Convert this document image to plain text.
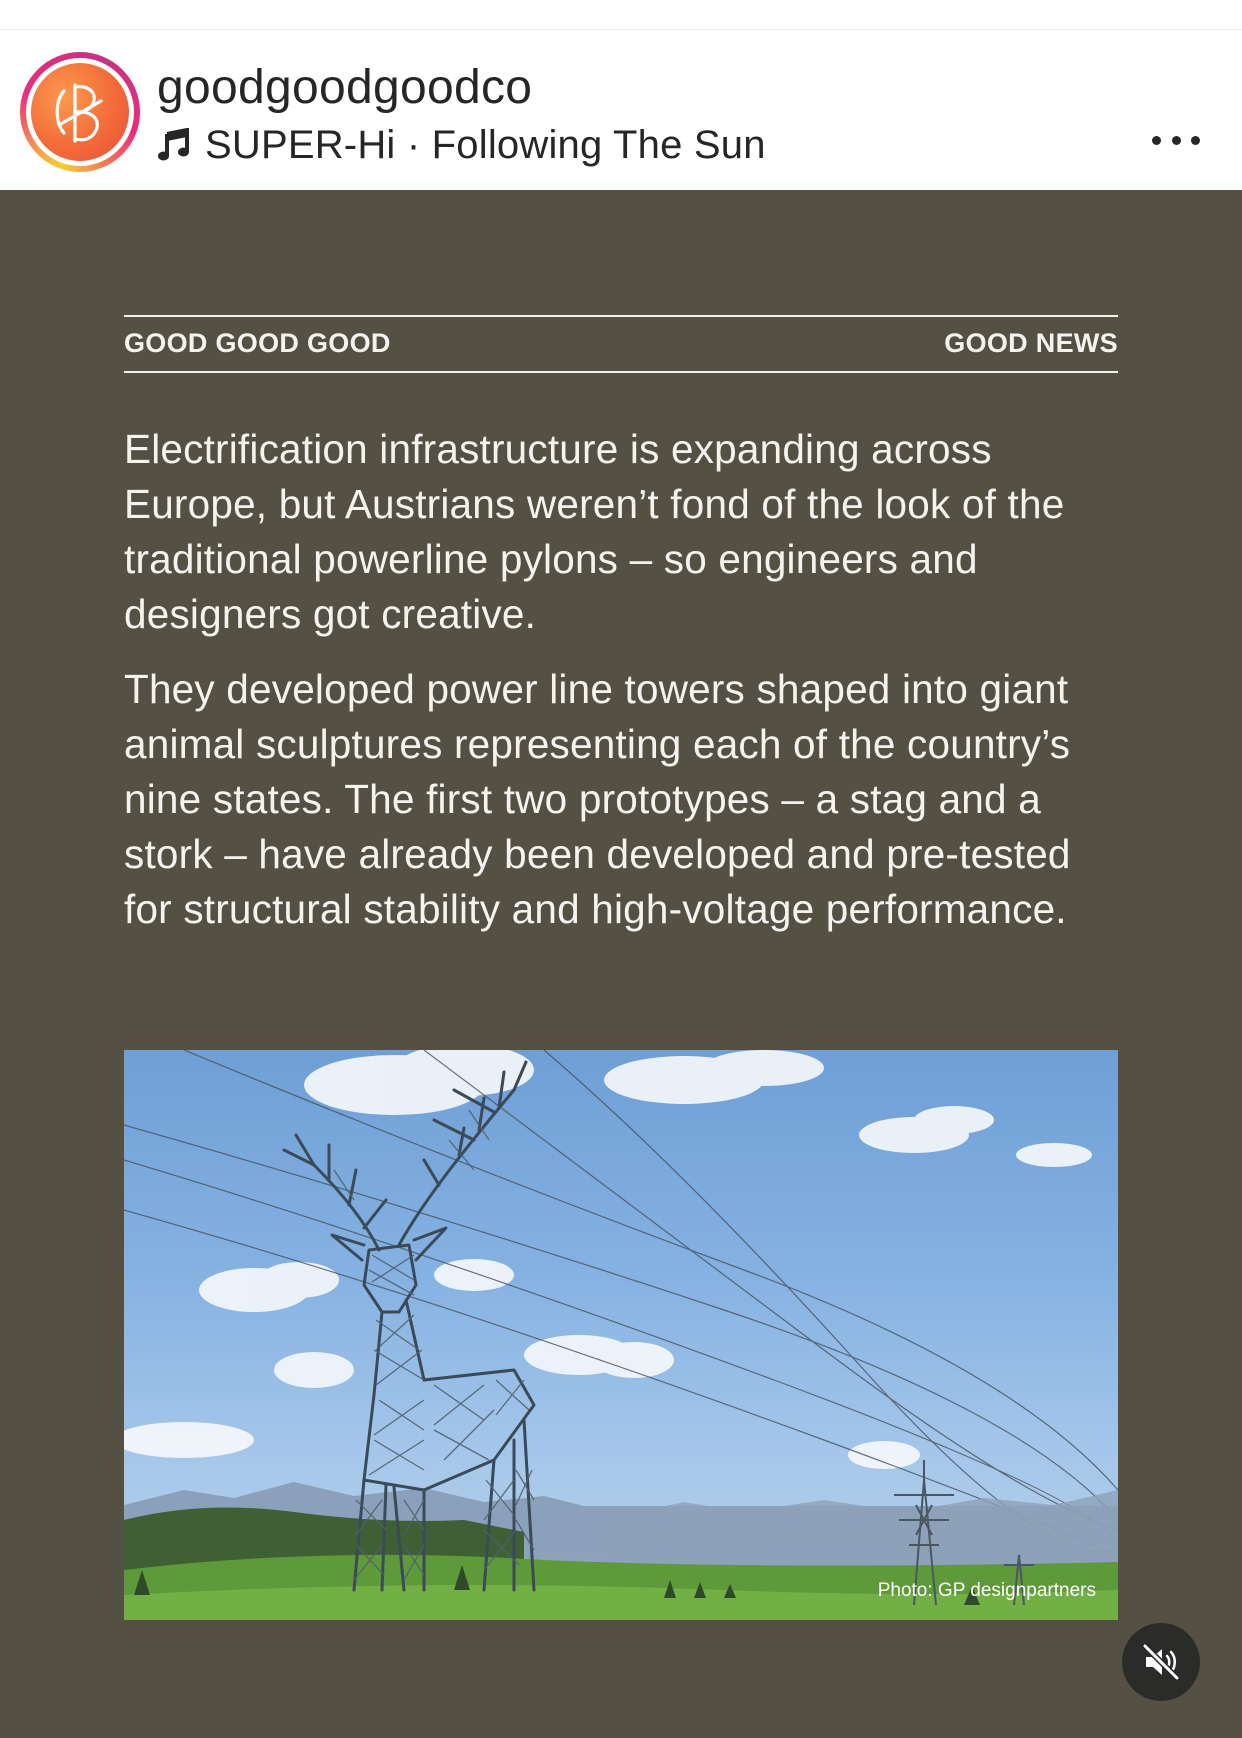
goodgoodgoodco
SUPER-Hi · Following The Sun
GOOD GOOD GOOD	GOOD NEWS

Electrification infrastructure is expanding across Europe, but Austrians weren’t fond of the look of the traditional powerline pylons – so engineers and designers got creative.

They developed power line towers shaped into giant animal sculptures representing each of the country’s nine states. The first two prototypes – a stag and a stork – have already been developed and pre-tested for structural stability and high-voltage performance.

Photo: GP designpartners
